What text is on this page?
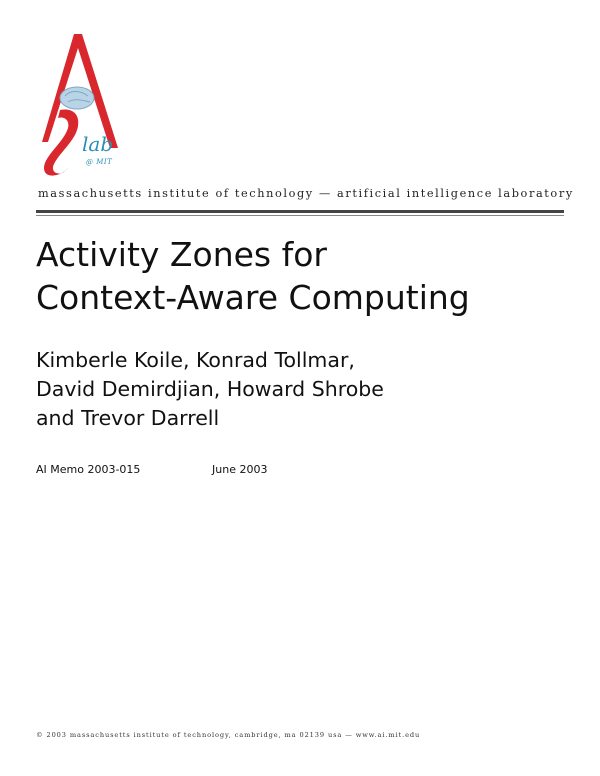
lab
@ MIT
massachusetts institute of technology — artificial intelligence laboratory
Activity Zones for
Context-Aware Computing
Kimberle Koile, Konrad Tollmar,
David Demirdjian, Howard Shrobe
and Trevor Darrell
AI Memo 2003-015	June 2003
© 2003 massachusetts institute of technology, cambridge, ma 02139 usa — www.ai.mit.edu
